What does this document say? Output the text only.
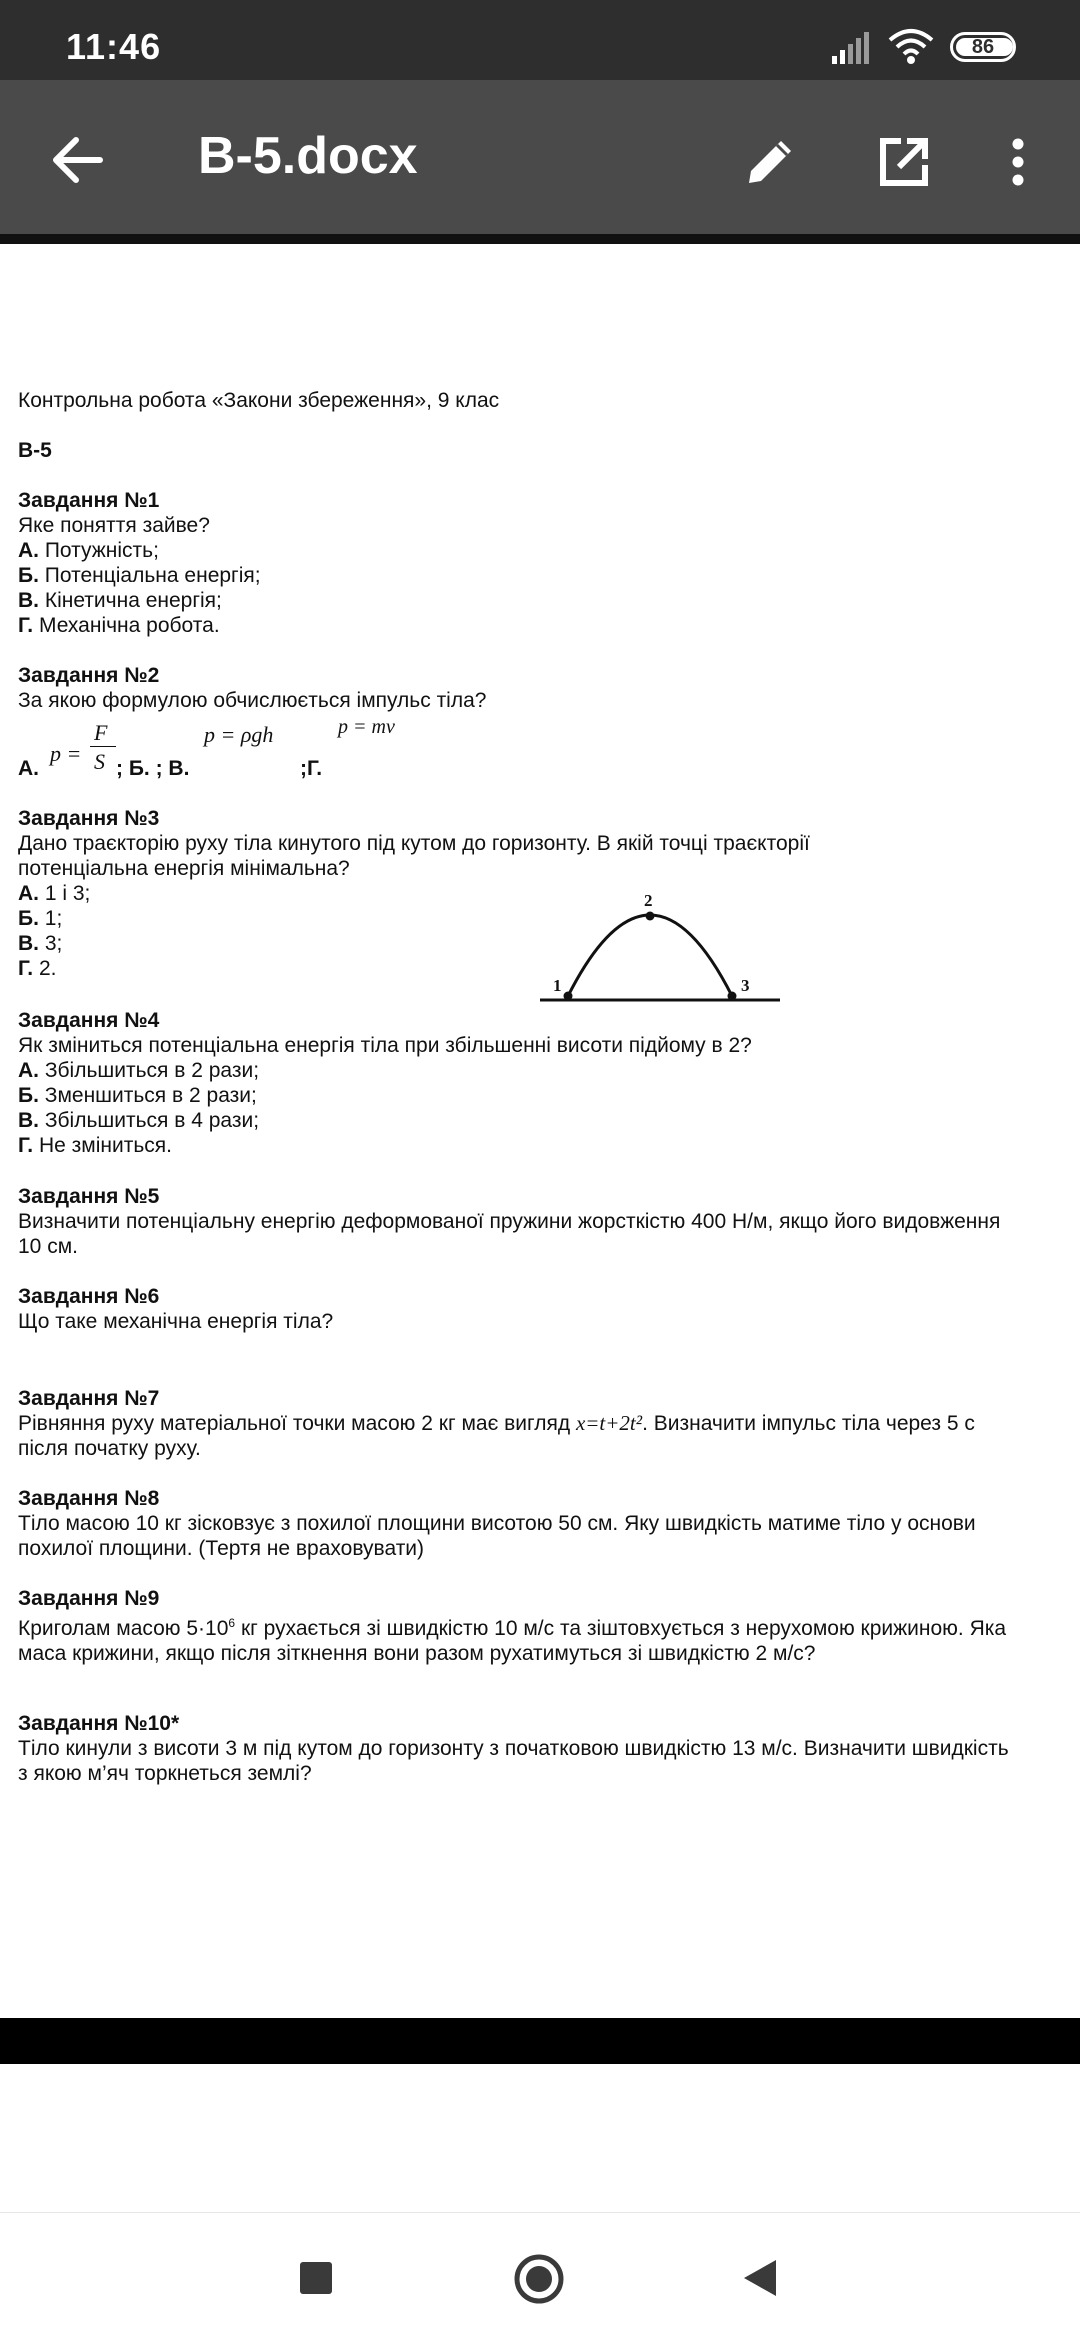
11:46	86
В-5.docx
Контрольна робота «Закони збереження», 9 клас
В-5
Завдання №1
Яке поняття зайве?
А. Потужність;
Б. Потенціальна енергія;
В. Кінетична енергія;
Г. Механічна робота.
Завдання №2
За якою формулою обчислюється імпульс тіла?
А.
p =
F
S ; Б. ; В.
p = ρgh	p = mv
;Г.
Завдання №3
Дано траєкторію руху тіла кинутого під кутом до горизонту. В якій точці траєкторії потенціальна енергія мінімальна?
А. 1 і 3;
Б. 1;
В. 3;
Г. 2.
1
2
3
Завдання №4
Як зміниться потенціальна енергія тіла при збільшенні висоти підйому в 2?
А. Збільшиться в 2 рази;
Б. Зменшиться в 2 рази;
В. Збільшиться в 4 рази;
Г. Не зміниться.
Завдання №5
Визначити потенціальну енергію деформованої пружини жорсткістю 400 Н/м, якщо його видовження 10 см.
Завдання №6
Що таке механічна енергія тіла?
Завдання №7
Рівняння руху матеріальної точки масою 2 кг має вигляд x=t+2t². Визначити імпульс тіла через 5 с після початку руху.
Завдання №8
Тіло масою 10 кг зісковзує з похилої площини висотою 50 см. Яку швидкість матиме тіло у основи похилої площини. (Тертя не враховувати)
Завдання №9
Криголам масою $5\cdot 10^6$ кг рухається зі швидкістю 10 м/с та зіштовхується з нерухомою крижиною. Яка маса крижини, якщо після зіткнення вони разом рухатимуться зі швидкістю 2 м/с?
Завдання №10*
Тіло кинули з висоти 3 м під кутом до горизонту з початковою швидкістю 13 м/с. Визначити швидкість з якою м’яч торкнеться землі?
